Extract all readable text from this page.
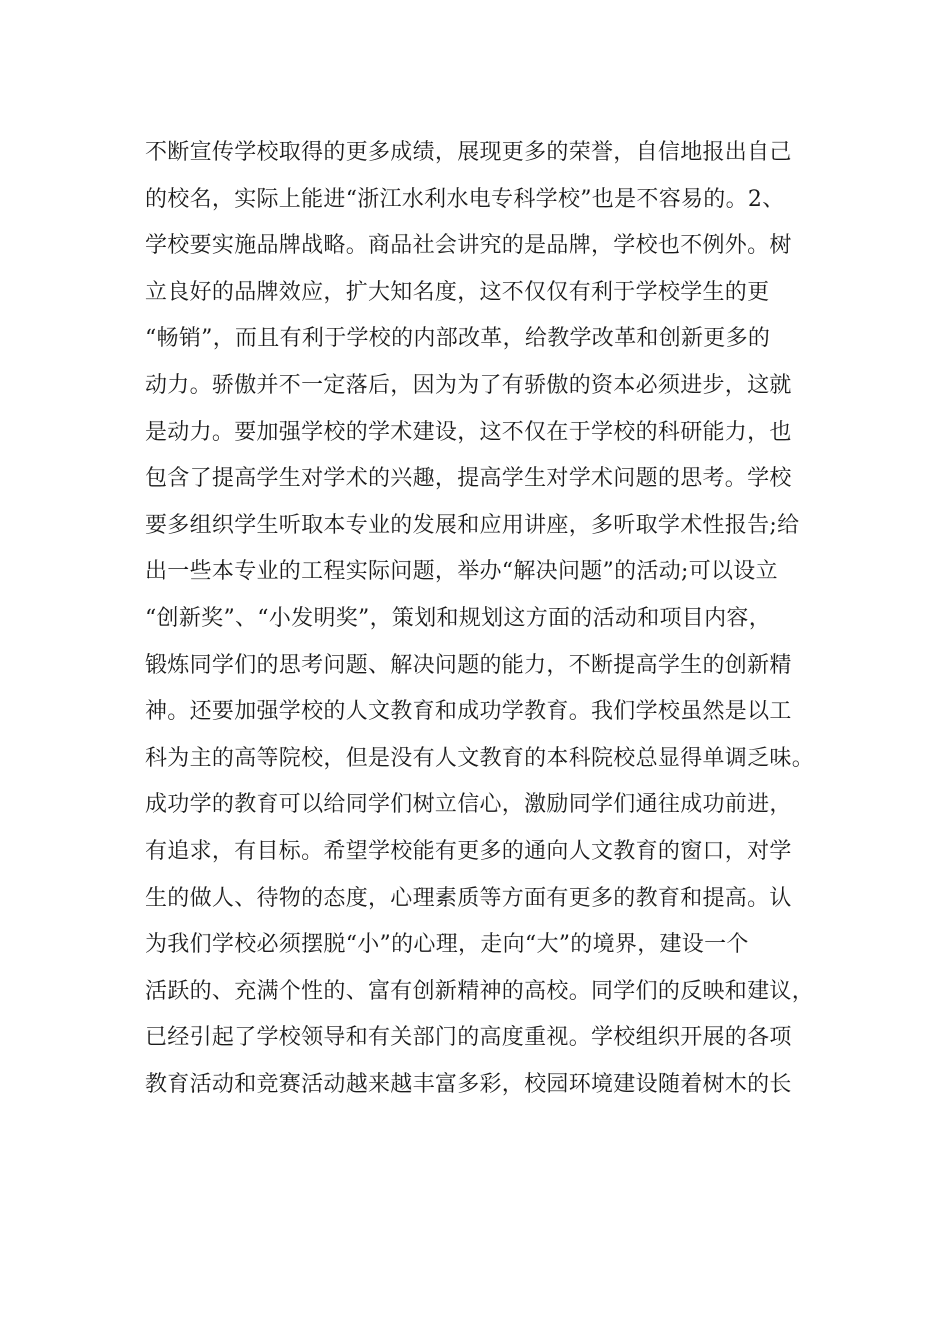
不断宣传学校取得的更多成绩，展现更多的荣誉，自信地报出自己
的校名，实际上能进“浙江水利水电专科学校”也是不容易的。2、
学校要实施品牌战略。商品社会讲究的是品牌，学校也不例外。树
立良好的品牌效应，扩大知名度，这不仅仅有利于学校学生的更
“畅销”，而且有利于学校的内部改革，给教学改革和创新更多的
动力。骄傲并不一定落后，因为为了有骄傲的资本必须进步，这就
是动力。要加强学校的学术建设，这不仅在于学校的科研能力，也
包含了提高学生对学术的兴趣，提高学生对学术问题的思考。学校
要多组织学生听取本专业的发展和应用讲座，多听取学术性报告;给
出一些本专业的工程实际问题，举办“解决问题”的活动;可以设立
“创新奖”、“小发明奖”，策划和规划这方面的活动和项目内容，
锻炼同学们的思考问题、解决问题的能力，不断提高学生的创新精
神。还要加强学校的人文教育和成功学教育。我们学校虽然是以工
科为主的高等院校，但是没有人文教育的本科院校总显得单调乏味。
成功学的教育可以给同学们树立信心，激励同学们通往成功前进，
有追求，有目标。希望学校能有更多的通向人文教育的窗口，对学
生的做人、待物的态度，心理素质等方面有更多的教育和提高。认
为我们学校必须摆脱“小”的心理，走向“大”的境界，建设一个
活跃的、充满个性的、富有创新精神的高校。同学们的反映和建议，
已经引起了学校领导和有关部门的高度重视。学校组织开展的各项
教育活动和竞赛活动越来越丰富多彩，校园环境建设随着树木的长
